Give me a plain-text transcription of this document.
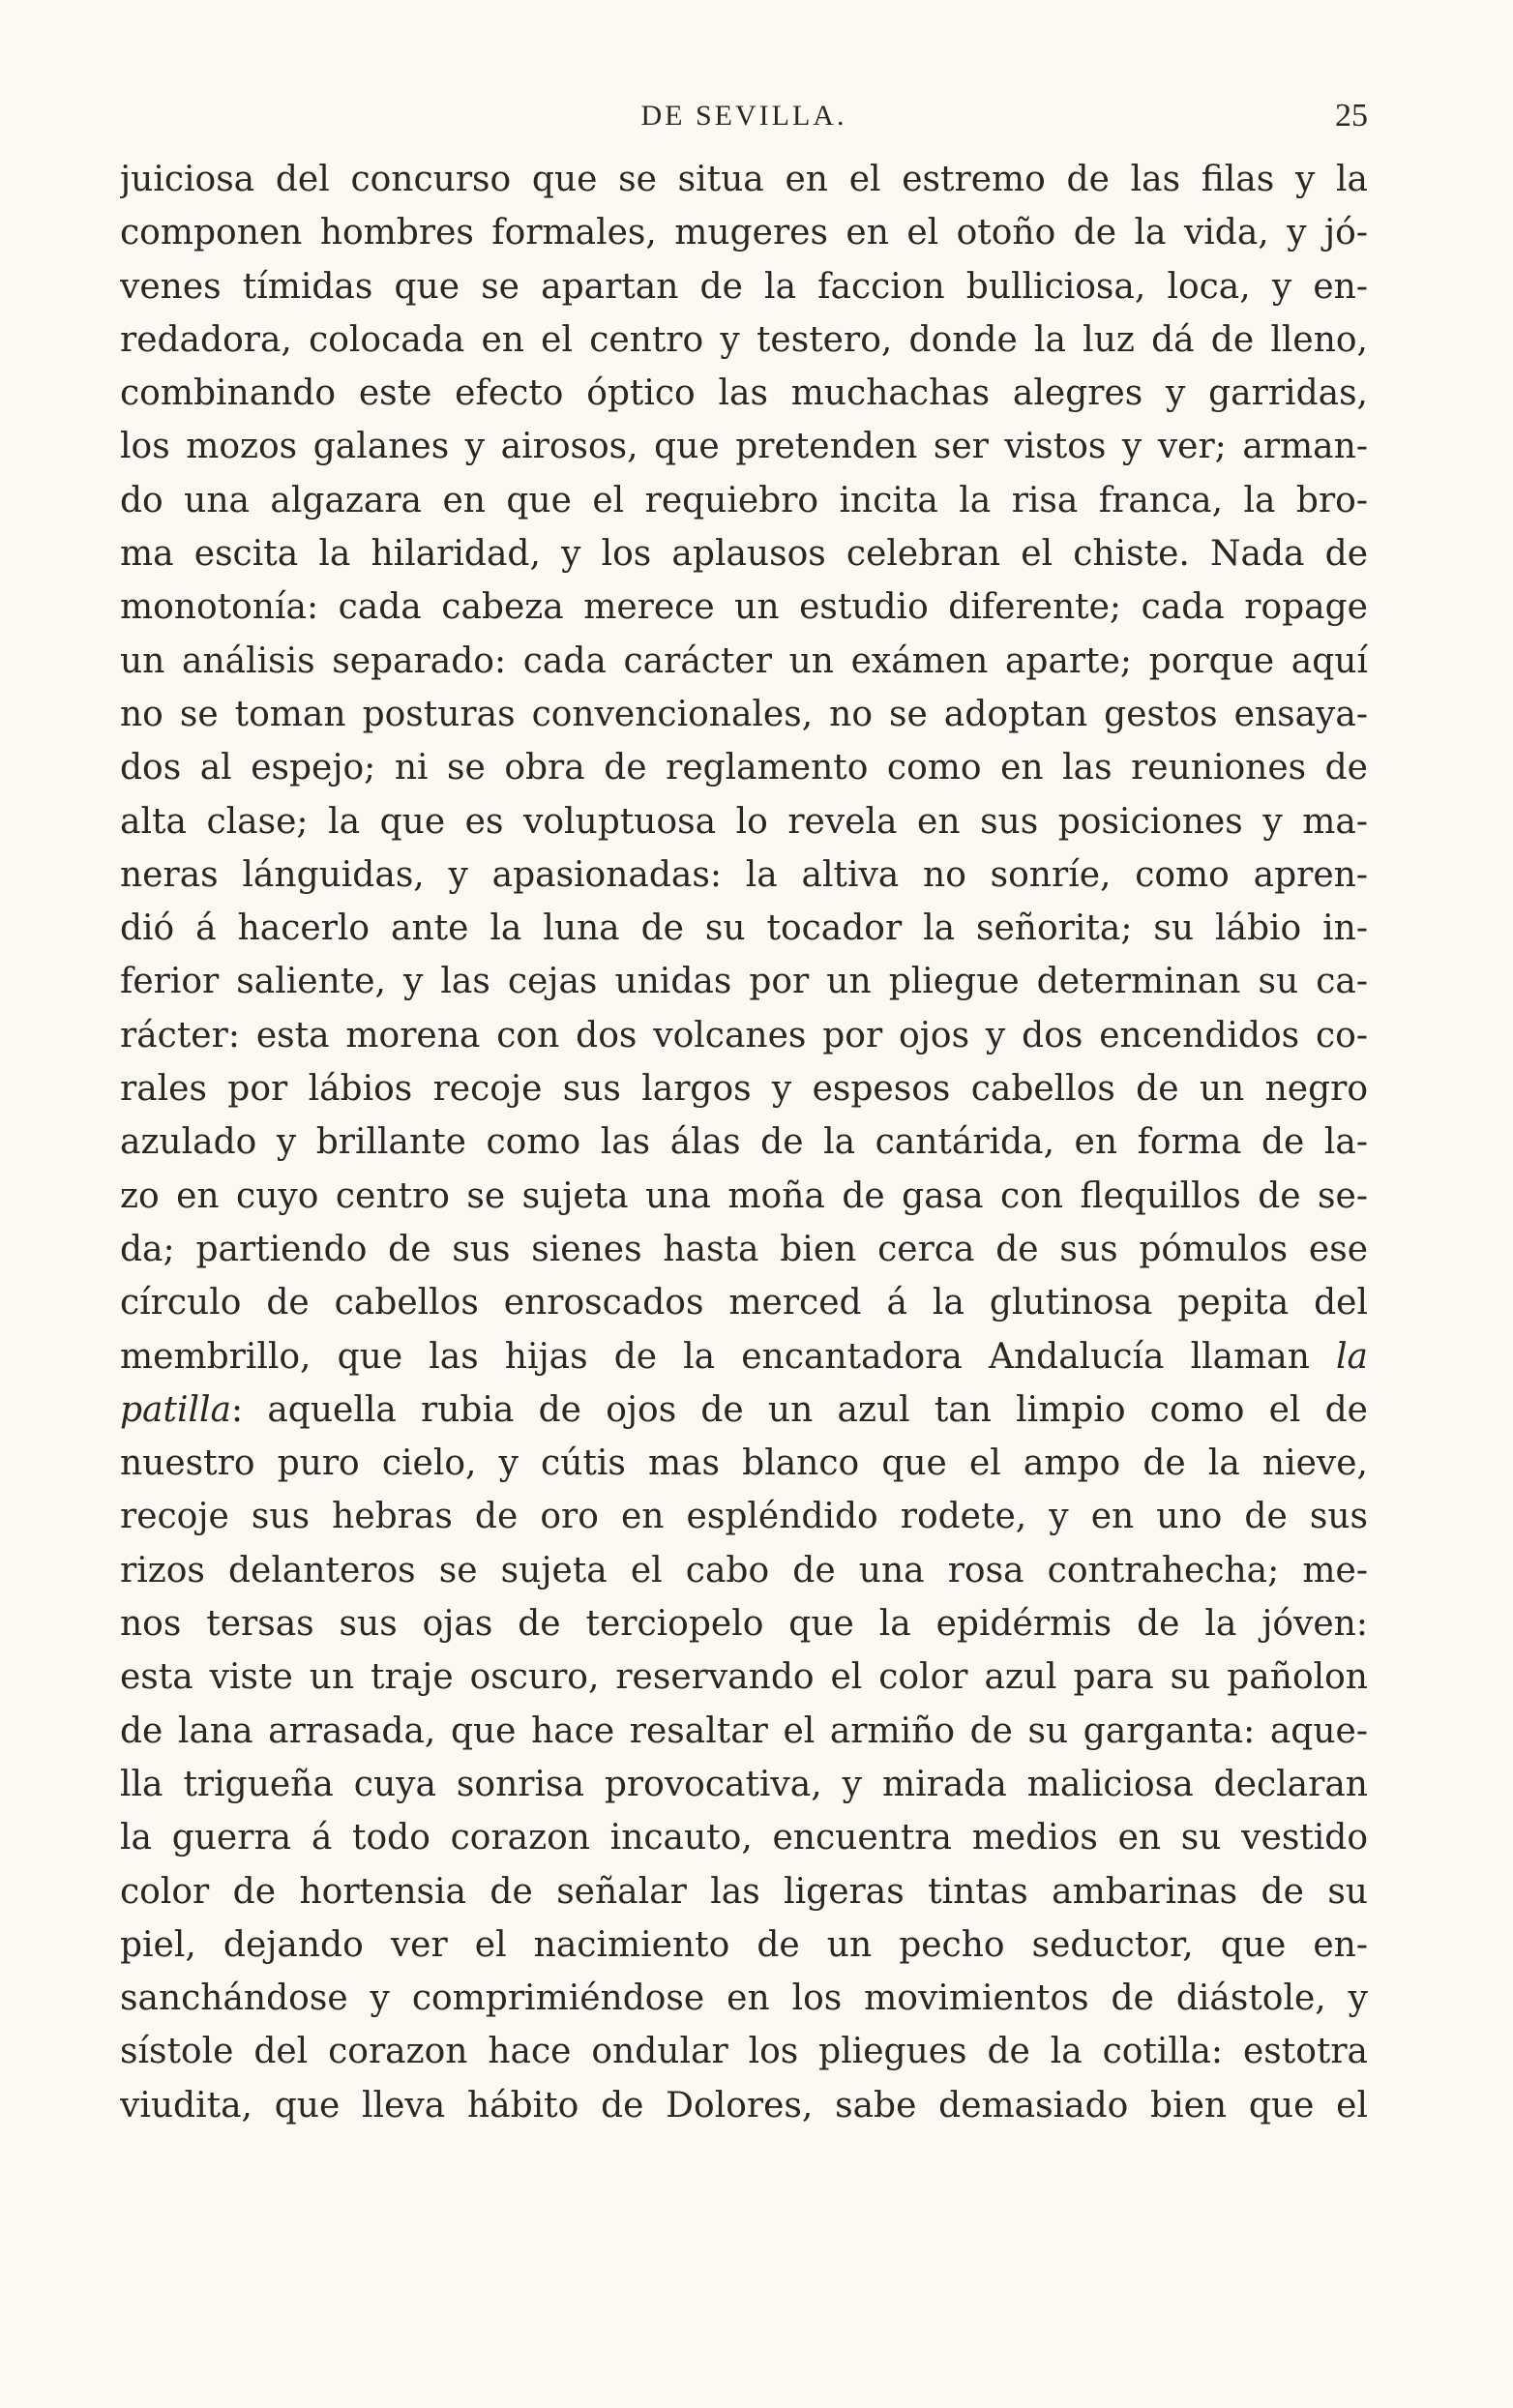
DE SEVILLA.	25
juiciosa del concurso que se situa en el estremo de las filas y la
componen hombres formales, mugeres en el otoño de la vida, y jó-
venes tímidas que se apartan de la faccion bulliciosa, loca, y en-
redadora, colocada en el centro y testero, donde la luz dá de lleno,
combinando este efecto óptico las muchachas alegres y garridas,
los mozos galanes y airosos, que pretenden ser vistos y ver; arman-
do una algazara en que el requiebro incita la risa franca, la bro-
ma escita la hilaridad, y los aplausos celebran el chiste. Nada de
monotonía: cada cabeza merece un estudio diferente; cada ropage
un análisis separado: cada carácter un exámen aparte; porque aquí
no se toman posturas convencionales, no se adoptan gestos ensaya-
dos al espejo; ni se obra de reglamento como en las reuniones de
alta clase; la que es voluptuosa lo revela en sus posiciones y ma-
neras lánguidas, y apasionadas: la altiva no sonríe, como apren-
dió á hacerlo ante la luna de su tocador la señorita; su lábio in-
ferior saliente, y las cejas unidas por un pliegue determinan su ca-
rácter: esta morena con dos volcanes por ojos y dos encendidos co-
rales por lábios recoje sus largos y espesos cabellos de un negro
azulado y brillante como las álas de la cantárida, en forma de la-
zo en cuyo centro se sujeta una moña de gasa con flequillos de se-
da; partiendo de sus sienes hasta bien cerca de sus pómulos ese
círculo de cabellos enroscados merced á la glutinosa pepita del
membrillo, que las hijas de la encantadora Andalucía llaman la
patilla: aquella rubia de ojos de un azul tan limpio como el de
nuestro puro cielo, y cútis mas blanco que el ampo de la nieve,
recoje sus hebras de oro en espléndido rodete, y en uno de sus
rizos delanteros se sujeta el cabo de una rosa contrahecha; me-
nos tersas sus ojas de terciopelo que la epidérmis de la jóven:
esta viste un traje oscuro, reservando el color azul para su pañolon
de lana arrasada, que hace resaltar el armiño de su garganta: aque-
lla trigueña cuya sonrisa provocativa, y mirada maliciosa declaran
la guerra á todo corazon incauto, encuentra medios en su vestido
color de hortensia de señalar las ligeras tintas ambarinas de su
piel, dejando ver el nacimiento de un pecho seductor, que en-
sanchándose y comprimiéndose en los movimientos de diástole, y
sístole del corazon hace ondular los pliegues de la cotilla: estotra
viudita, que lleva hábito de Dolores, sabe demasiado bien que el
